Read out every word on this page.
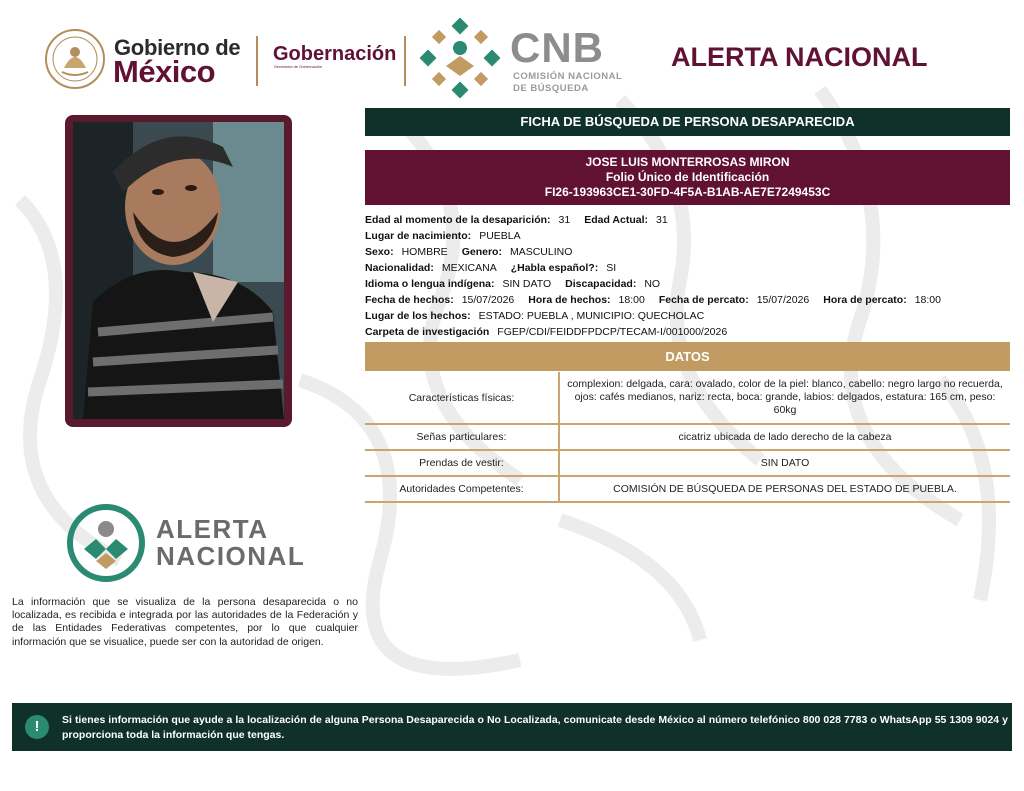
Gobierno de
México	Gobernación
Secretaría de Gobernación	CNB
COMISIÓN NACIONAL
DE BÚSQUEDA
ALERTA NACIONAL
FICHA DE BÚSQUEDA DE PERSONA DESAPARECIDA
JOSE LUIS MONTERROSAS MIRON
Folio Único de Identificación
FI26-193963CE1-30FD-4F5A-B1AB-AE7E7249453C
Edad al momento de la desaparición: 31 Edad Actual: 31
Lugar de nacimiento: PUEBLA
Sexo: HOMBRE Genero: MASCULINO
Nacionalidad: MEXICANA ¿Habla español?: SI
Idioma o lengua indígena: SIN DATO Discapacidad: NO
Fecha de hechos: 15/07/2026 Hora de hechos: 18:00 Fecha de percato: 15/07/2026 Hora de percato: 18:00
Lugar de los hechos: ESTADO: PUEBLA , MUNICIPIO: QUECHOLAC
Carpeta de investigación FGEP/CDI/FEIDDFPDCP/TECAM-I/001000/2026
DATOS
Características físicas:	complexion: delgada, cara: ovalado, color de la piel: blanco, cabello: negro largo no recuerda, ojos: cafés medianos, nariz: recta, boca: grande, labios: delgados, estatura: 165 cm, peso: 60kg
Señas particulares:	cicatriz ubicada de lado derecho de la cabeza
Prendas de vestir:	SIN DATO
Autoridades Competentes:	COMISIÓN DE BÚSQUEDA DE PERSONAS DEL ESTADO DE PUEBLA.
ALERTA
NACIONAL
La información que se visualiza de la persona desaparecida o no localizada, es recibida e integrada por las autoridades de la Federación y de las Entidades Federativas competentes, por lo que cualquier información que se visualice, puede ser con la autoridad de origen.
!	Si tienes información que ayude a la localización de alguna Persona Desaparecida o No Localizada, comunicate desde México al número telefónico 800 028 7783 o WhatsApp 55 1309 9024 y proporciona toda la información que tengas.
